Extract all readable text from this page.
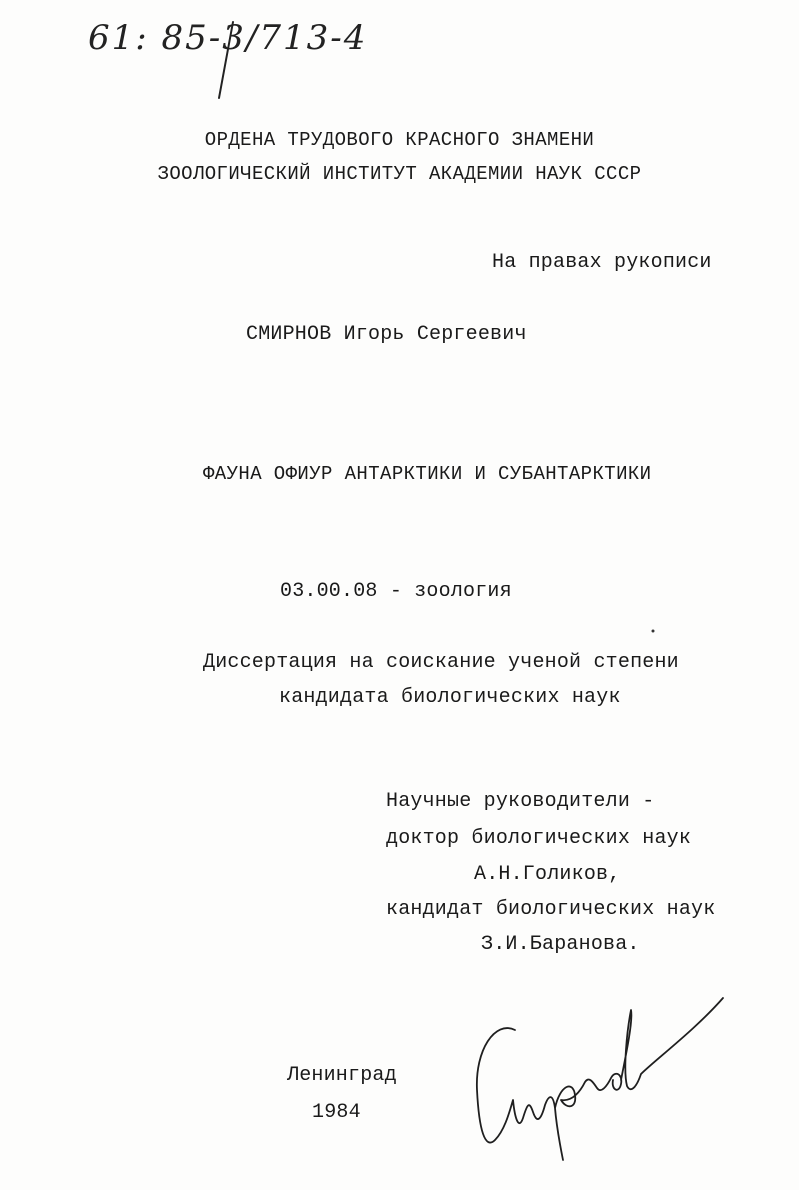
61: 85-3/713-4
ОРДЕНА ТРУДОВОГО КРАСНОГО ЗНАМЕНИ
ЗООЛОГИЧЕСКИЙ ИНСТИТУТ АКАДЕМИИ НАУК СССР
На правах рукописи
СМИРНОВ Игорь Сергеевич
ФАУНА ОФИУР АНТАРКТИКИ И СУБАНТАРКТИКИ
03.00.08 - зоология
Диссертация на соискание ученой степени
кандидата биологических наук
Научные руководители -
доктор биологических наук
А.Н.Голиков,
кандидат биологических наук
З.И.Баранова.
Ленинград
1984
